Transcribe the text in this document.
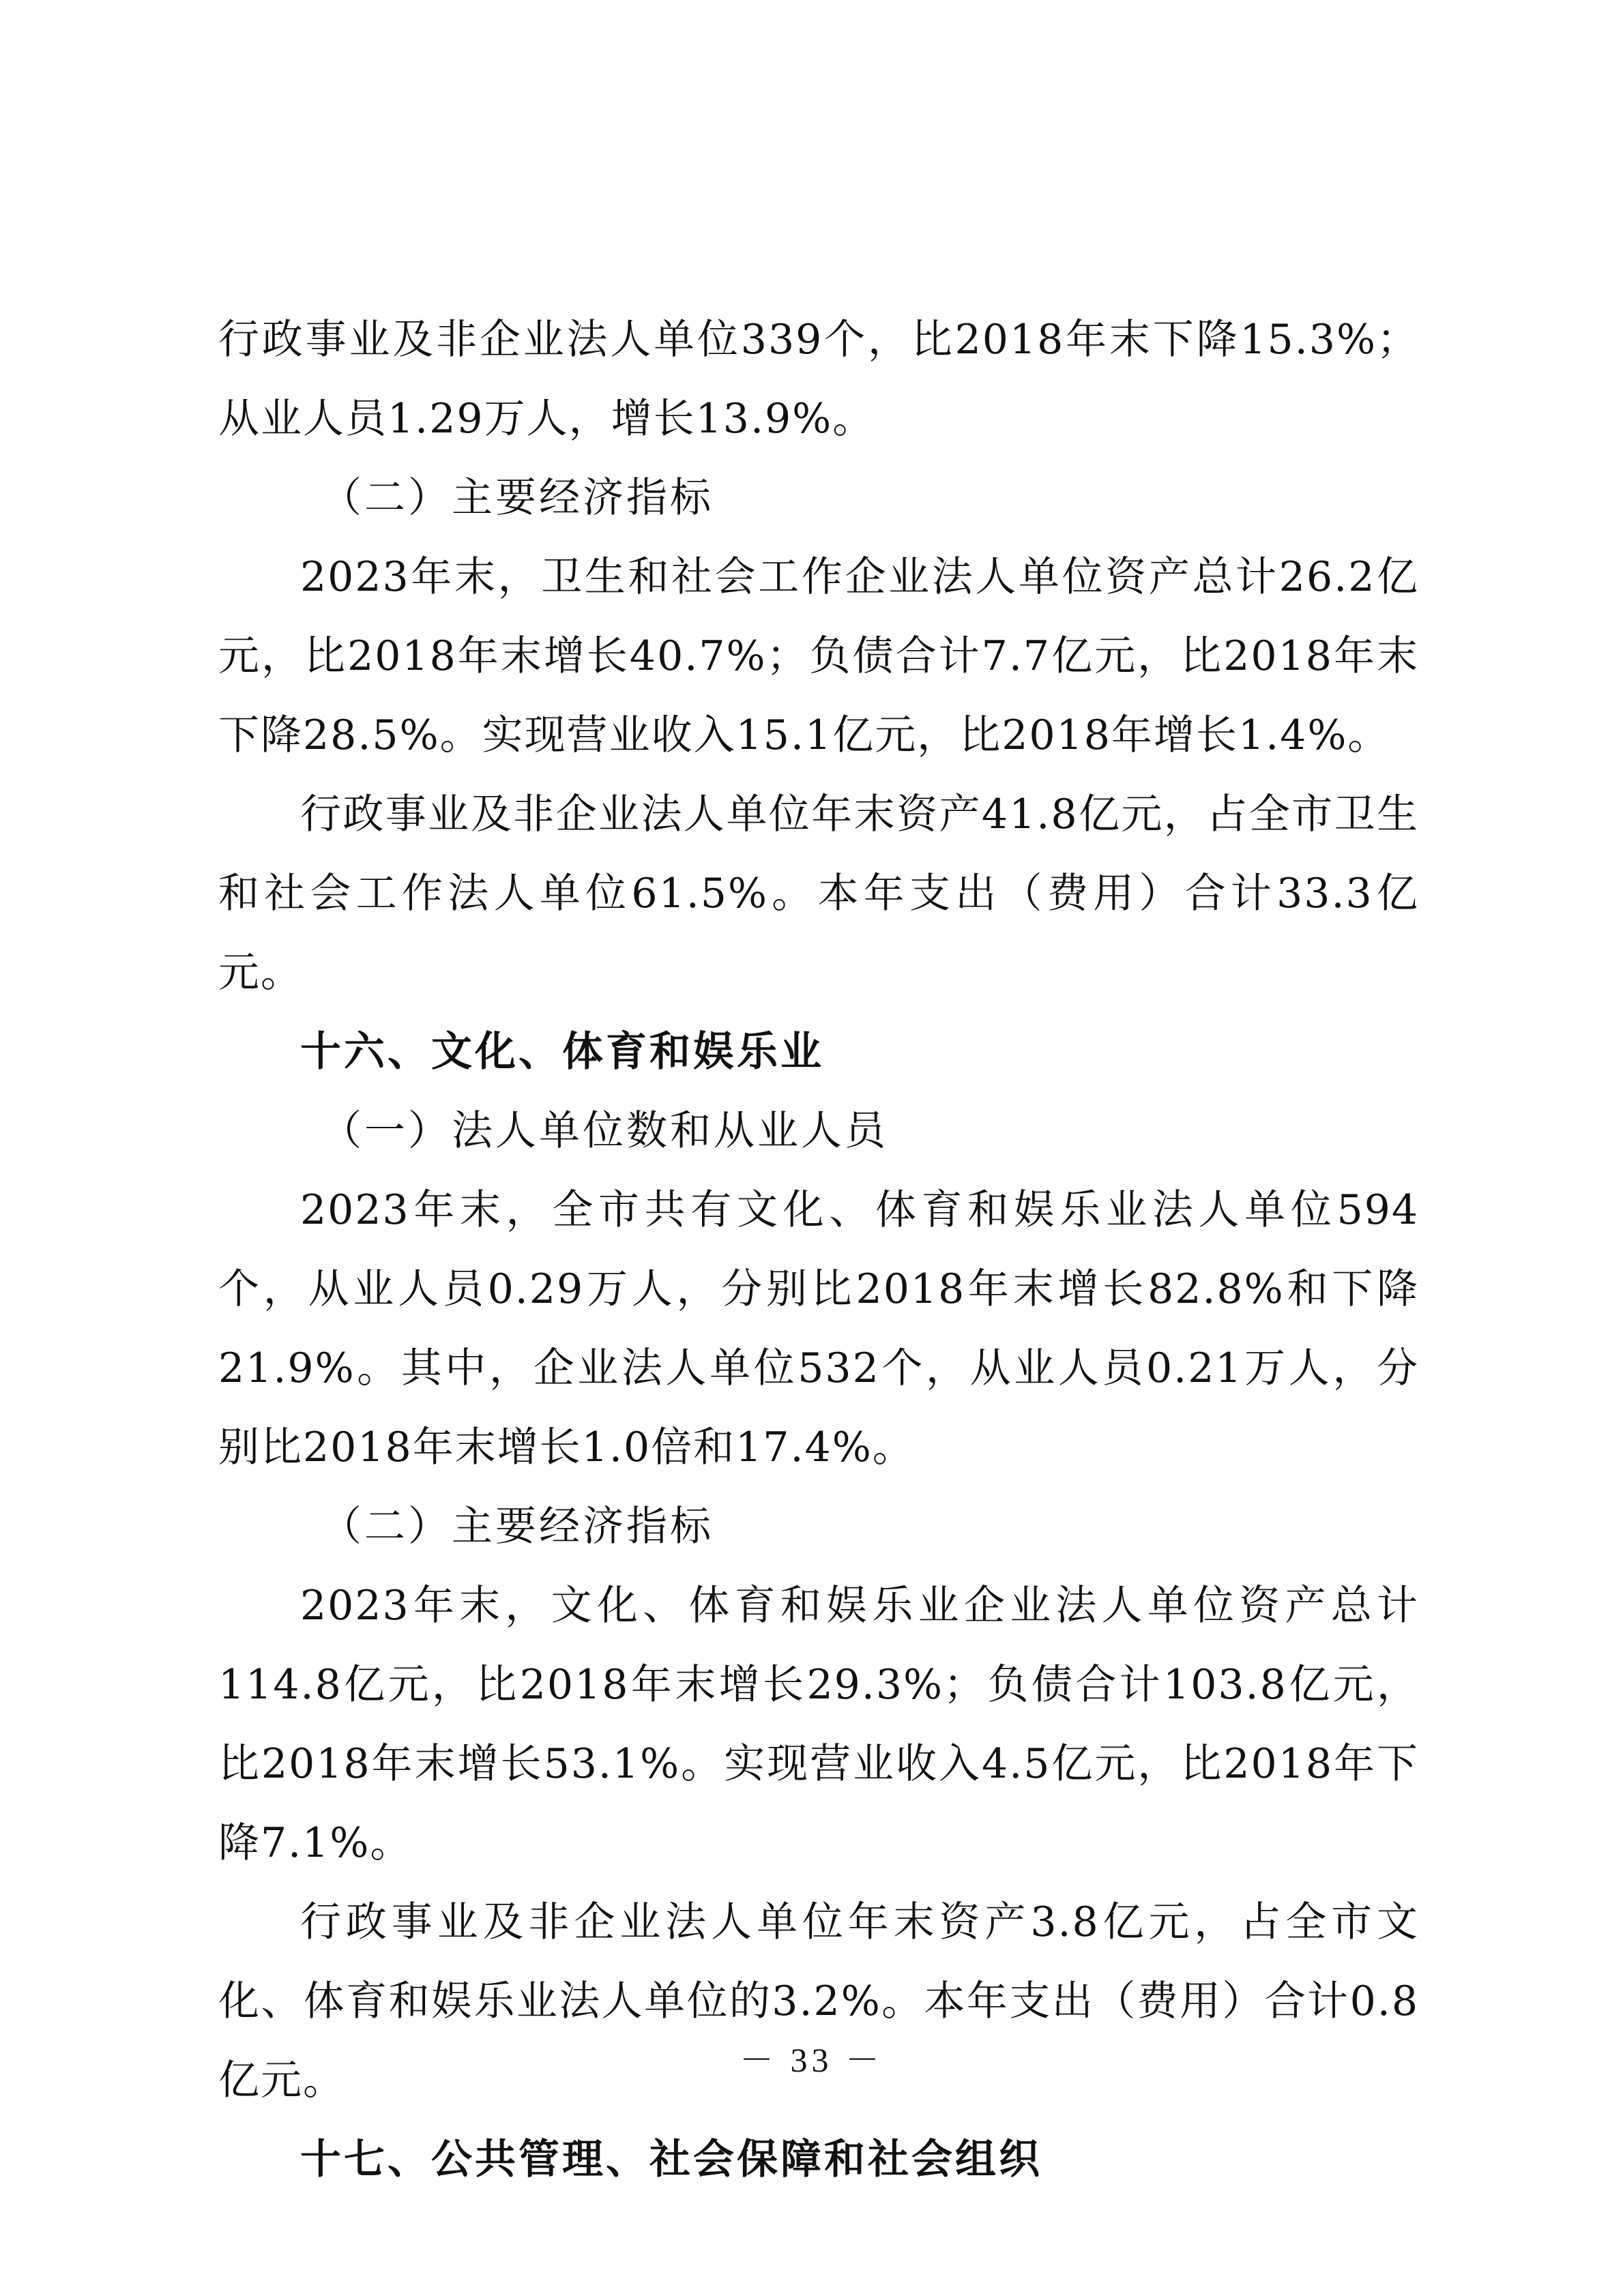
行政事业及非企业法人单位339个，比2018年末下降15.3%；从业人员1.29万人，增长13.9%。

（二）主要经济指标

2023年末，卫生和社会工作企业法人单位资产总计26.2亿元，比2018年末增长40.7%；负债合计7.7亿元，比2018年末下降28.5%。实现营业收入15.1亿元，比2018年增长1.4%。

行政事业及非企业法人单位年末资产41.8亿元，占全市卫生和社会工作法人单位61.5%。本年支出（费用）合计33.3亿元。

十六、文化、体育和娱乐业

（一）法人单位数和从业人员

2023年末，全市共有文化、体育和娱乐业法人单位594个，从业人员0.29万人，分别比2018年末增长82.8%和下降21.9%。其中，企业法人单位532个，从业人员0.21万人，分别比2018年末增长1.0倍和17.4%。

（二）主要经济指标

2023年末，文化、体育和娱乐业企业法人单位资产总计114.8亿元，比2018年末增长29.3%；负债合计103.8亿元，比2018年末增长53.1%。实现营业收入4.5亿元，比2018年下降7.1%。

行政事业及非企业法人单位年末资产3.8亿元，占全市文化、体育和娱乐业法人单位的3.2%。本年支出（费用）合计0.8亿元。

十七、公共管理、社会保障和社会组织

－ 33 －
